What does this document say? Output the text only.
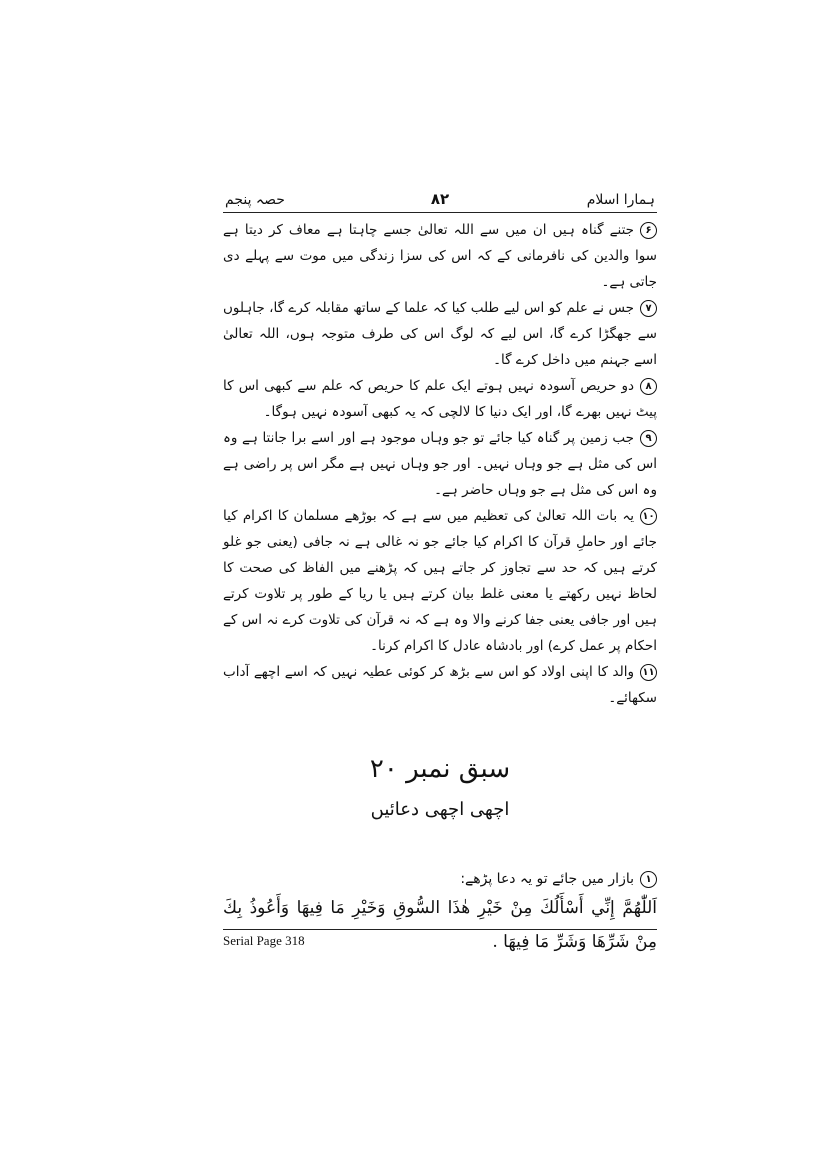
حصہ پنجم	۸۲	ہمارا اسلام

۶جتنے گناہ ہیں ان میں سے اللہ تعالیٰ جسے چاہتا ہے معاف کر دیتا ہے سوا والدین کی نافرمانی کے کہ اس کی سزا زندگی میں موت سے پہلے دی جاتی ہے۔

۷جس نے علم کو اس لیے طلب کیا کہ علما کے ساتھ مقابلہ کرے گا، جاہلوں سے جھگڑا کرے گا، اس لیے کہ لوگ اس کی طرف متوجہ ہوں، اللہ تعالیٰ اسے جہنم میں داخل کرے گا۔

۸دو حریص آسودہ نہیں ہوتے ایک علم کا حریص کہ علم سے کبھی اس کا پیٹ نہیں بھرے گا، اور ایک دنیا کا لالچی کہ یہ کبھی آسودہ نہیں ہوگا۔

۹جب زمین پر گناہ کیا جائے تو جو وہاں موجود ہے اور اسے برا جانتا ہے وہ اس کی مثل ہے جو وہاں نہیں۔ اور جو وہاں نہیں ہے مگر اس پر راضی ہے وہ اس کی مثل ہے جو وہاں حاضر ہے۔

۱۰یہ بات اللہ تعالیٰ کی تعظیم میں سے ہے کہ بوڑھے مسلمان کا اکرام کیا جائے اور حاملِ قرآن کا اکرام کیا جائے جو نہ غالی ہے نہ جافی (یعنی جو غلو کرتے ہیں کہ حد سے تجاوز کر جاتے ہیں کہ پڑھنے میں الفاظ کی صحت کا لحاظ نہیں رکھتے یا معنی غلط بیان کرتے ہیں یا ریا کے طور پر تلاوت کرتے ہیں اور جافی یعنی جفا کرنے والا وہ ہے کہ نہ قرآن کی تلاوت کرے نہ اس کے احکام پر عمل کرے) اور بادشاہ عادل کا اکرام کرنا۔

۱۱والد کا اپنی اولاد کو اس سے بڑھ کر کوئی عطیہ نہیں کہ اسے اچھے آداب سکھائے۔

سبق نمبر ۲۰
اچھی اچھی دعائیں
۱بازار میں جائے تو یہ دعا پڑھے:
اَللّٰهُمَّ إِنِّي أَسْأَلُكَ مِنْ خَيْرِ هٰذَا السُّوقِ وَخَيْرِ مَا فِيهَا وَأَعُوذُ بِكَ مِنْ شَرِّهَا وَشَرِّ مَا فِيهَا .
Serial Page 318
